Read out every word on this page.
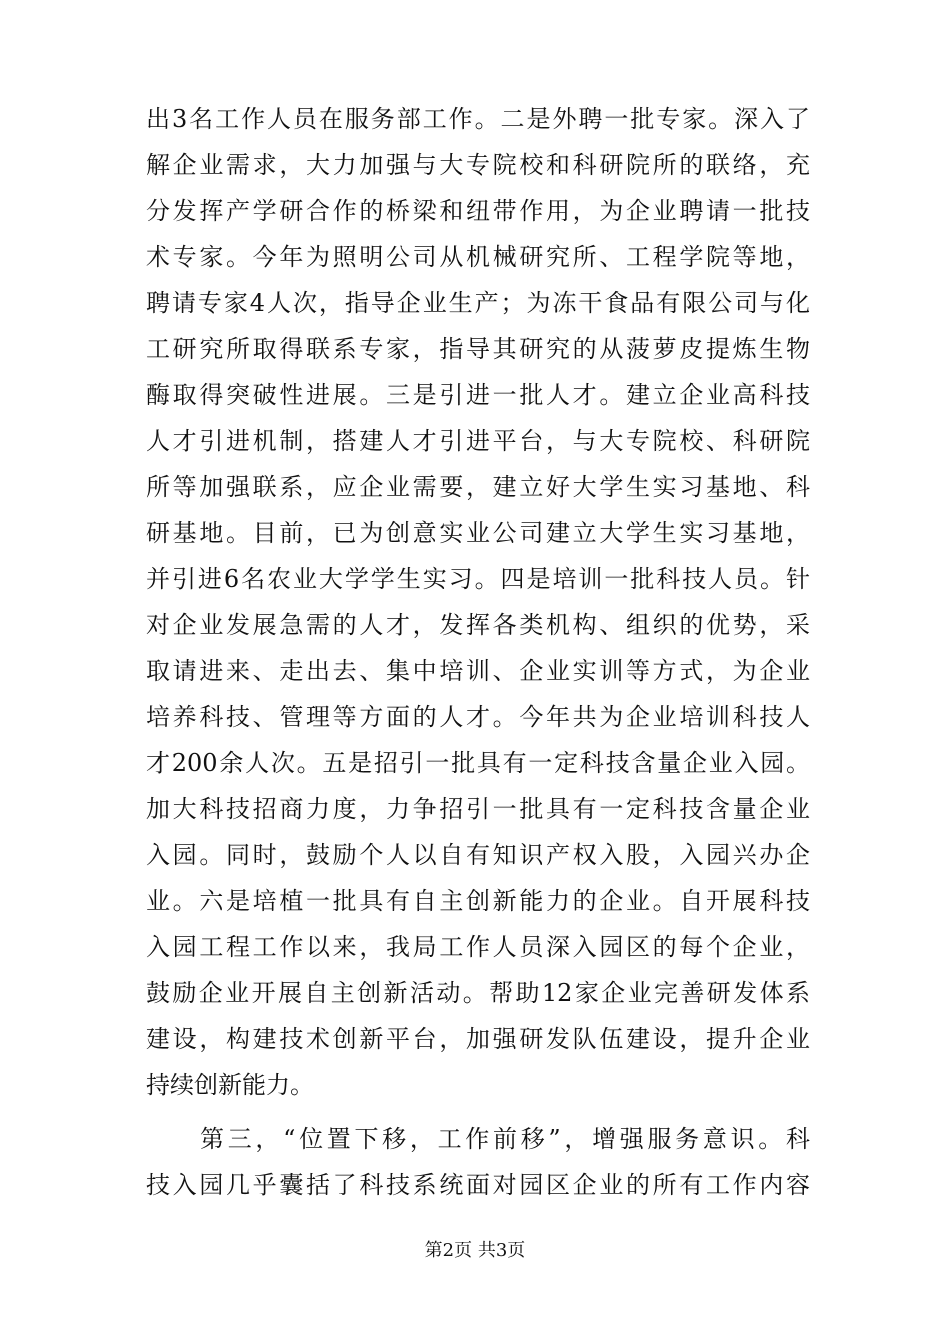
出3名工作人员在服务部工作。二是外聘一批专家。深入了
解企业需求，大力加强与大专院校和科研院所的联络，充
分发挥产学研合作的桥梁和纽带作用，为企业聘请一批技
术专家。今年为照明公司从机械研究所、工程学院等地，
聘请专家4人次，指导企业生产；为冻干食品有限公司与化
工研究所取得联系专家，指导其研究的从菠萝皮提炼生物
酶取得突破性进展。三是引进一批人才。建立企业高科技
人才引进机制，搭建人才引进平台，与大专院校、科研院
所等加强联系，应企业需要，建立好大学生实习基地、科
研基地。目前，已为创意实业公司建立大学生实习基地，
并引进6名农业大学学生实习。四是培训一批科技人员。针
对企业发展急需的人才，发挥各类机构、组织的优势，采
取请进来、走出去、集中培训、企业实训等方式，为企业
培养科技、管理等方面的人才。今年共为企业培训科技人
才200余人次。五是招引一批具有一定科技含量企业入园。
加大科技招商力度，力争招引一批具有一定科技含量企业
入园。同时，鼓励个人以自有知识产权入股，入园兴办企
业。六是培植一批具有自主创新能力的企业。自开展科技
入园工程工作以来，我局工作人员深入园区的每个企业，
鼓励企业开展自主创新活动。帮助12家企业完善研发体系
建设，构建技术创新平台，加强研发队伍建设，提升企业
持续创新能力。
第三，“位置下移，工作前移”，增强服务意识。科
技入园几乎囊括了科技系统面对园区企业的所有工作内容
第2页 共3页
